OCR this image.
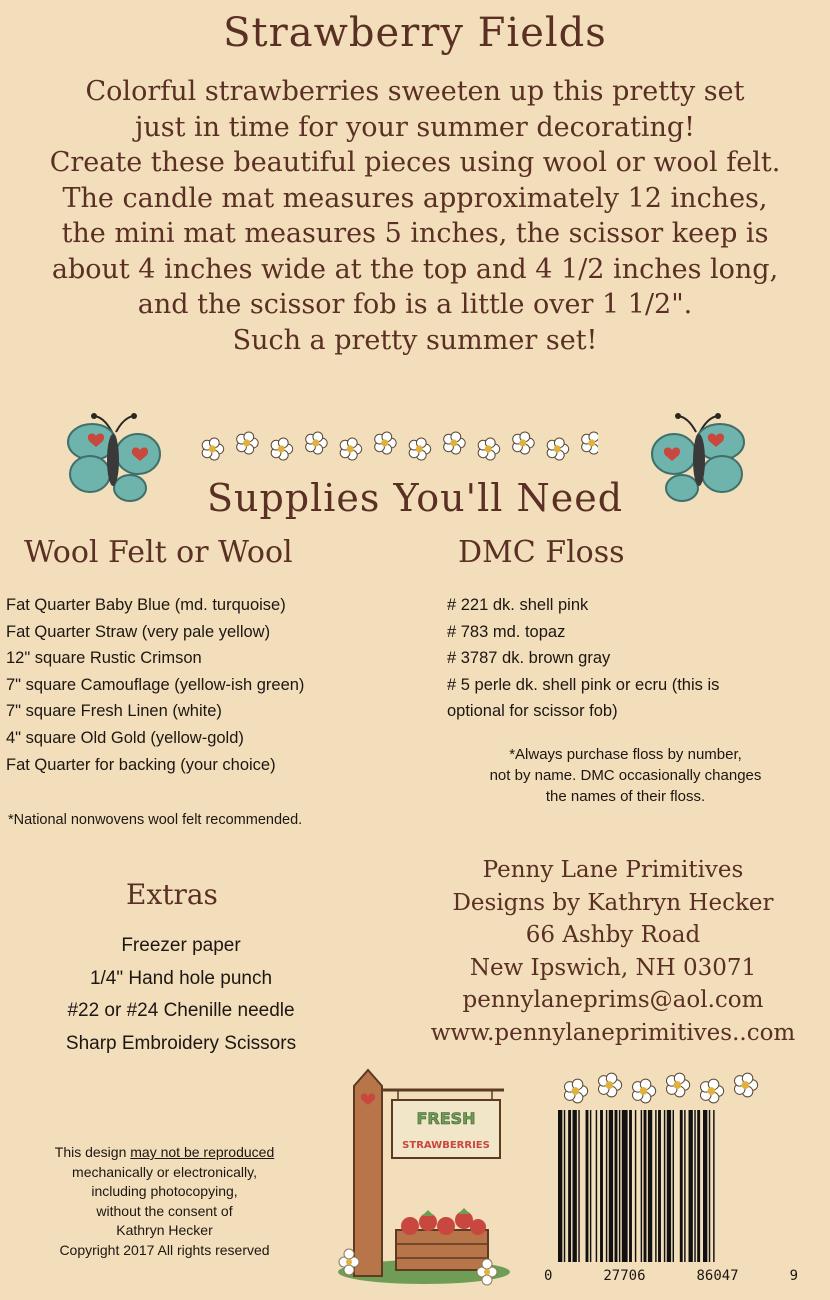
Strawberry Fields
Colorful strawberries sweeten up this pretty set
just in time for your summer decorating!
Create these beautiful pieces using wool or wool felt.
The candle mat measures approximately 12 inches,
the mini mat measures 5 inches, the scissor keep is
about 4 inches wide at the top and 4 1/2 inches long,
and the scissor fob is a little over 1 1/2".
Such a pretty summer set!
Supplies You'll Need
Wool Felt or Wool	DMC Floss
Fat Quarter Baby Blue (md. turquoise)
Fat Quarter Straw (very pale yellow)
12" square Rustic Crimson
7" square Camouflage (yellow-ish green)
7" square Fresh Linen (white)
4" square Old Gold (yellow-gold)
Fat Quarter for backing (your choice)
# 221 dk. shell pink
# 783 md. topaz
# 3787 dk. brown gray
# 5 perle dk. shell pink or ecru (this is
optional for scissor fob)
*Always purchase floss by number,
not by name. DMC occasionally changes
the names of their floss.
*National nonwovens wool felt recommended.
Extras
Freezer paper
1/4" Hand hole punch
#22 or #24 Chenille needle
Sharp Embroidery Scissors
Penny Lane Primitives
Designs by Kathryn Hecker
66 Ashby Road
New Ipswich, NH 03071
pennylaneprims@aol.com
www.pennylaneprimitives..com
FRESH
STRAWBERRIES
This design may not be reproduced
mechanically or electronically,
including photocopying,
without the consent of
Kathryn Hecker
Copyright 2017 All rights reserved
0	27706	86047	9
